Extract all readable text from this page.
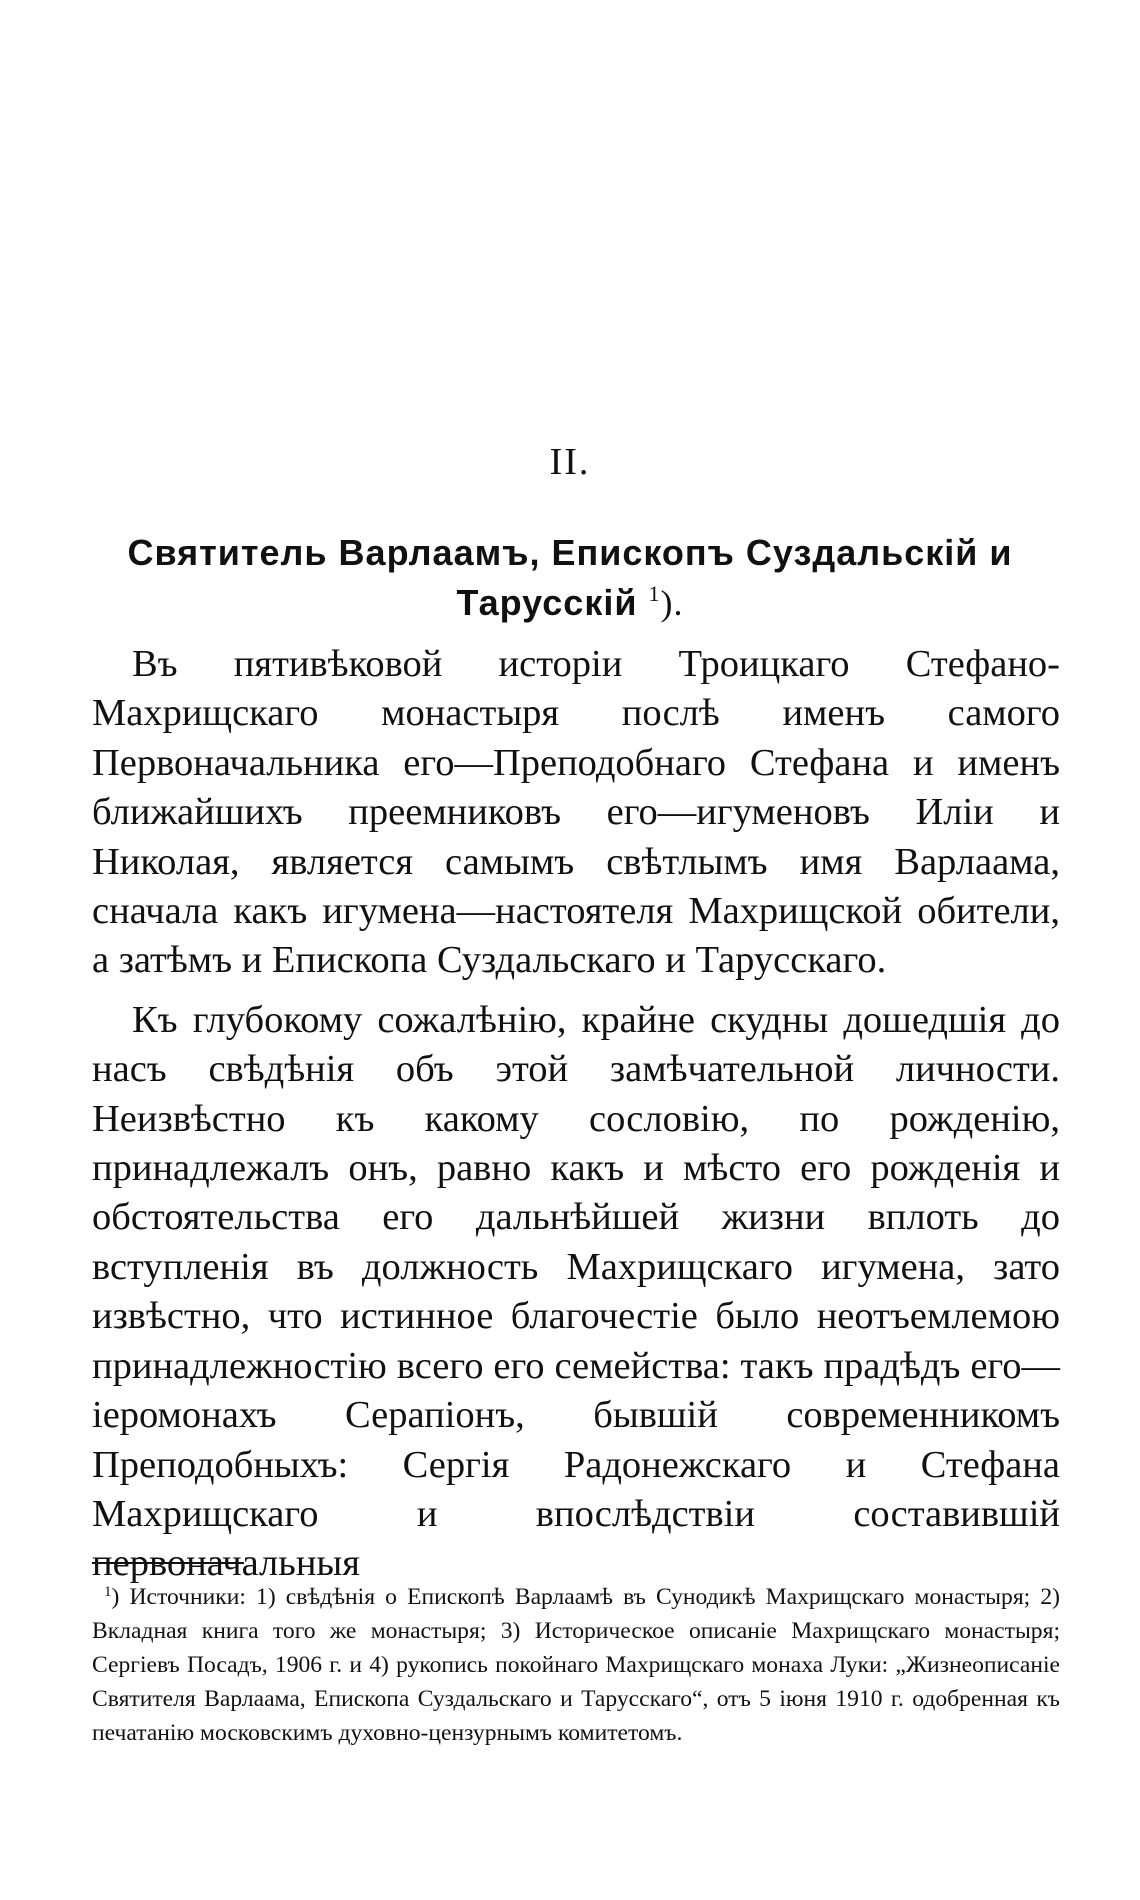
II.
Святитель Варлаамъ, Епископъ Суздальскій и Тарусскій $^1$).

Въ пятивѣковой исторіи Троицкаго Стефано-Махрищскаго монастыря послѣ именъ самого Первоначальника его—Преподобнаго Стефана и именъ ближайшихъ преемниковъ его—игуменовъ Иліи и Николая, является самымъ свѣтлымъ имя Варлаама, сначала какъ игумена—настоятеля Махрищской обители, а затѣмъ и Епископа Суздальскаго и Тарусскаго.

Къ глубокому сожалѣнію, крайне скудны дошедшія до насъ свѣдѣнія объ этой замѣчательной личности. Неизвѣстно къ какому сословію, по рожденію, принадлежалъ онъ, равно какъ и мѣсто его рожденія и обстоятельства его дальнѣйшей жизни вплоть до вступленія въ должность Махрищскаго игумена, зато извѣстно, что истинное благочестіе было неотъемлемою принадлежностію всего его семейства: такъ прадѣдъ его—іеромонахъ Серапіонъ, бывшій современникомъ Преподобныхъ: Сергія Радонежскаго и Стефана Махрищскаго и впослѣдствіи составившій первоначальныя

$^1$) Источники: 1) свѣдѣнія о Епископѣ Варлаамѣ въ Сунодикѣ Махрищскаго монастыря; 2) Вкладная книга того же монастыря; 3) Историческое описаніе Махрищскаго монастыря; Сергіевъ Посадъ, 1906 г. и 4) рукопись покойнаго Махрищскаго монаха Луки: „Жизнеописаніе Святителя Варлаама, Епископа Суздальскаго и Тарусскаго“, отъ 5 іюня 1910 г. одобренная къ печатанію московскимъ духовно-цензурнымъ комитетомъ.
